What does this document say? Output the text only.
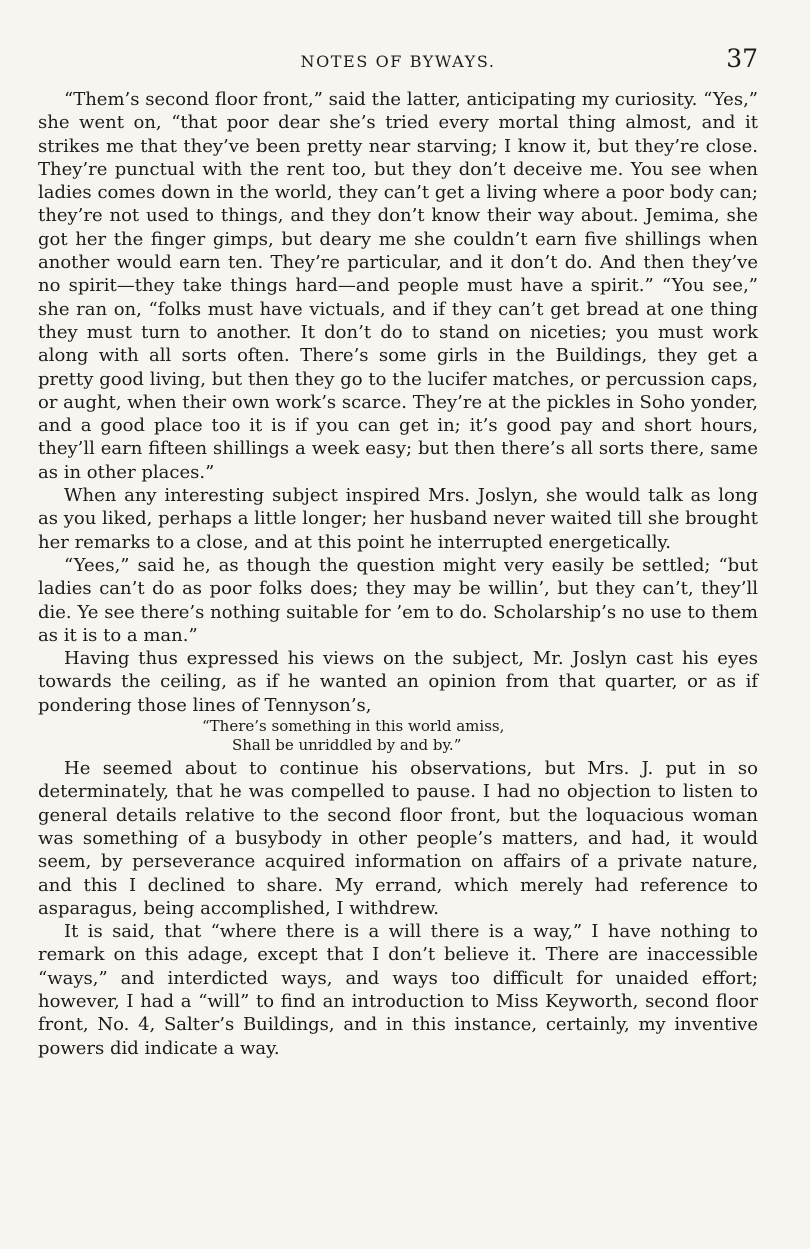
NOTES OF BYWAYS.	37

“Them’s second floor front,” said the latter, anticipating my curiosity. “Yes,” she went on, “that poor dear she’s tried every mortal thing almost, and it strikes me that they’ve been pretty near starving; I know it, but they’re close. They’re punctual with the rent too, but they don’t deceive me. You see when ladies comes down in the world, they can’t get a living where a poor body can; they’re not used to things, and they don’t know their way about. Jemima, she got her the finger gimps, but deary me she couldn’t earn five shillings when another would earn ten. They’re particular, and it don’t do. And then they’ve no spirit—they take things hard—and people must have a spirit.” “You see,” she ran on, “folks must have victuals, and if they can’t get bread at one thing they must turn to another. It don’t do to stand on niceties; you must work along with all sorts often. There’s some girls in the Buildings, they get a pretty good living, but then they go to the lucifer matches, or percussion caps, or aught, when their own work’s scarce. They’re at the pickles in Soho yonder, and a good place too it is if you can get in; it’s good pay and short hours, they’ll earn fifteen shillings a week easy; but then there’s all sorts there, same as in other places.”

When any interesting subject inspired Mrs. Joslyn, she would talk as long as you liked, perhaps a little longer; her husband never waited till she brought her remarks to a close, and at this point he interrupted energetically.

“Yees,” said he, as though the question might very easily be settled; “but ladies can’t do as poor folks does; they may be willin’, but they can’t, they’ll die. Ye see there’s nothing suitable for ’em to do. Scholarship’s no use to them as it is to a man.”

Having thus expressed his views on the subject, Mr. Joslyn cast his eyes towards the ceiling, as if he wanted an opinion from that quarter, or as if pondering those lines of Tennyson’s,

“There’s something in this world amiss,

Shall be unriddled by and by.”

He seemed about to continue his observations, but Mrs. J. put in so determinately, that he was compelled to pause. I had no objection to listen to general details relative to the second floor front, but the loquacious woman was something of a busybody in other people’s matters, and had, it would seem, by perseverance acquired information on affairs of a private nature, and this I declined to share. My errand, which merely had reference to asparagus, being accomplished, I withdrew.

It is said, that “where there is a will there is a way,” I have nothing to remark on this adage, except that I don’t believe it. There are inaccessible “ways,” and interdicted ways, and ways too difficult for unaided effort; however, I had a “will” to find an introduction to Miss Keyworth, second floor front, No. 4, Salter’s Buildings, and in this instance, certainly, my inventive powers did indicate a way.
